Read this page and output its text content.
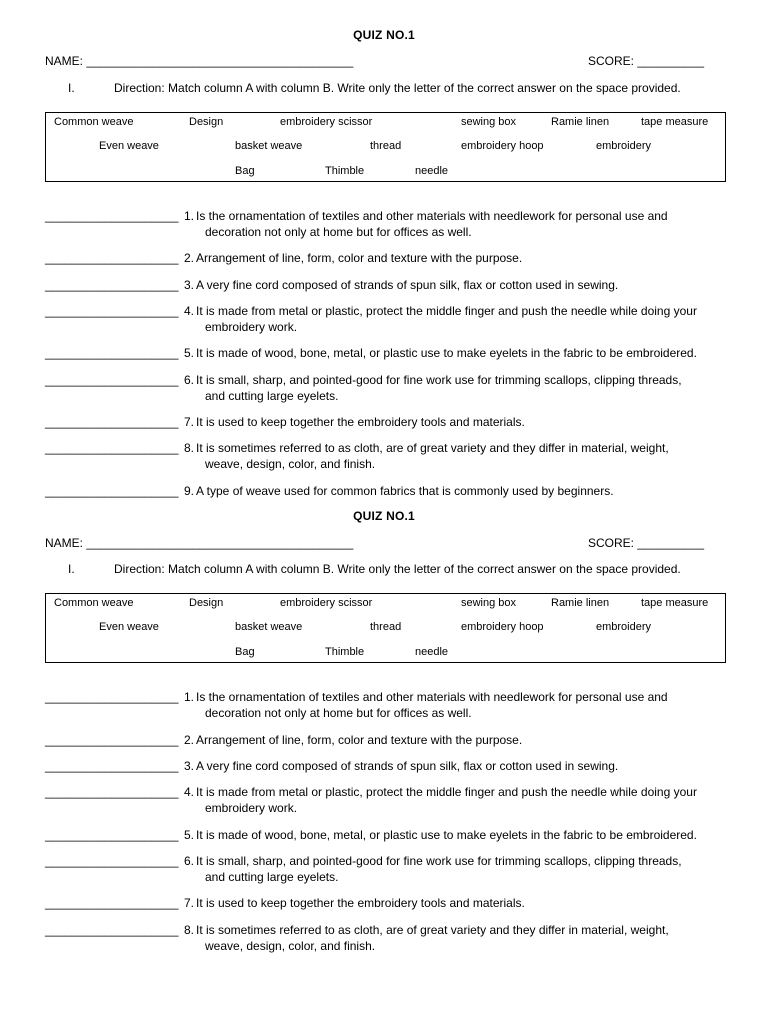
QUIZ NO.1
NAME: ________________________________________	SCORE: __________
I.	Direction: Match column A with column B. Write only the letter of the correct answer on the space provided.
Common weave	Design	embroidery scissor	sewing box	Ramie linen	tape measure
Even weave	basket weave	thread	embroidery hoop	embroidery
Bag	Thimble	needle
____________________ 1. Is the ornamentation of textiles and other materials with needlework for personal use and
decoration not only at home but for offices as well.
____________________ 2. Arrangement of line, form, color and texture with the purpose.
____________________ 3. A very fine cord composed of strands of spun silk, flax or cotton used in sewing.
____________________ 4. It is made from metal or plastic, protect the middle finger and push the needle while doing your
embroidery work.
____________________ 5. It is made of wood, bone, metal, or plastic use to make eyelets in the fabric to be embroidered.
____________________ 6. It is small, sharp, and pointed-good for fine work use for trimming scallops, clipping threads,
and cutting large eyelets.
____________________ 7. It is used to keep together the embroidery tools and materials.
____________________ 8. It is sometimes referred to as cloth, are of great variety and they differ in material, weight,
weave, design, color, and finish.
____________________ 9. A type of weave used for common fabrics that is commonly used by beginners.
QUIZ NO.1
NAME: ________________________________________	SCORE: __________
I.	Direction: Match column A with column B. Write only the letter of the correct answer on the space provided.
Common weave	Design	embroidery scissor	sewing box	Ramie linen	tape measure
Even weave	basket weave	thread	embroidery hoop	embroidery
Bag	Thimble	needle
____________________ 1. Is the ornamentation of textiles and other materials with needlework for personal use and
decoration not only at home but for offices as well.
____________________ 2. Arrangement of line, form, color and texture with the purpose.
____________________ 3. A very fine cord composed of strands of spun silk, flax or cotton used in sewing.
____________________ 4. It is made from metal or plastic, protect the middle finger and push the needle while doing your
embroidery work.
____________________ 5. It is made of wood, bone, metal, or plastic use to make eyelets in the fabric to be embroidered.
____________________ 6. It is small, sharp, and pointed-good for fine work use for trimming scallops, clipping threads,
and cutting large eyelets.
____________________ 7. It is used to keep together the embroidery tools and materials.
____________________ 8. It is sometimes referred to as cloth, are of great variety and they differ in material, weight,
weave, design, color, and finish.
